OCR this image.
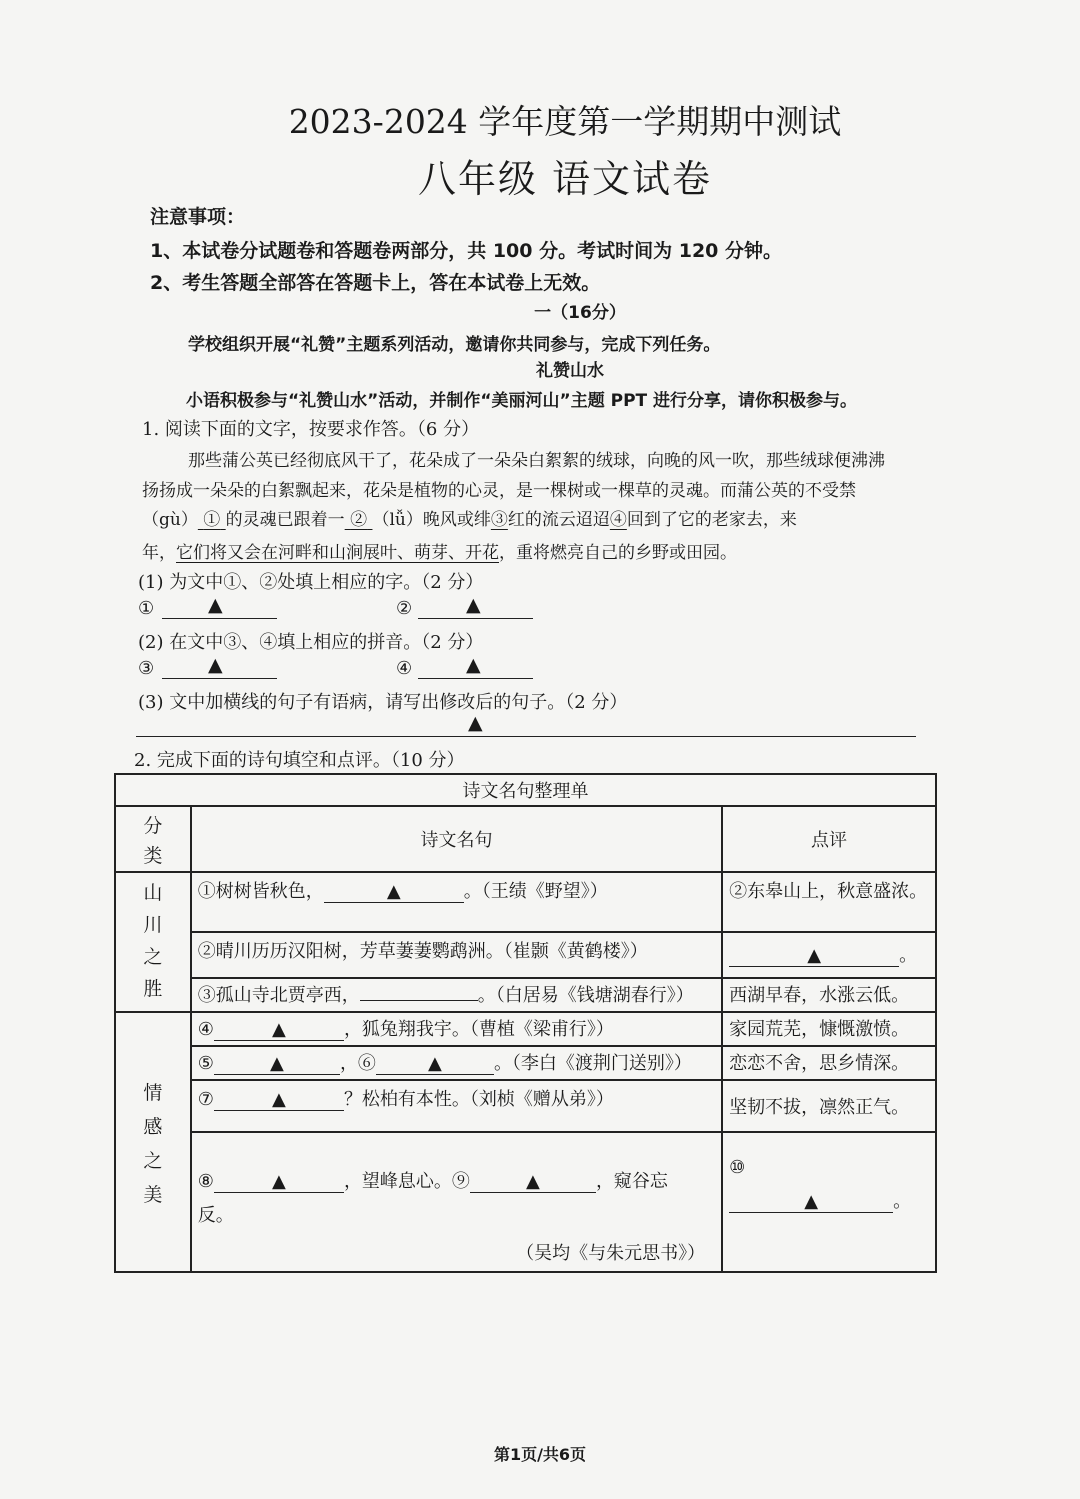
2023-2024 学年度第一学期期中测试
八年级 语文试卷
注意事项：
1、本试卷分试题卷和答题卷两部分，共 100 分。考试时间为 120 分钟。
2、考生答题全部答在答题卡上，答在本试卷上无效。
一（16分）
学校组织开展“礼赞”主题系列活动，邀请你共同参与，完成下列任务。
礼赞山水
小语积极参与“礼赞山水”活动，并制作“美丽河山”主题 PPT 进行分享，请你积极参与。
1. 阅读下面的文字，按要求作答。（6 分）
那些蒲公英已经彻底风干了，花朵成了一朵朵白絮絮的绒球，向晚的风一吹，那些绒球便沸沸
扬扬成一朵朵的白絮飘起来，花朵是植物的心灵，是一棵树或一棵草的灵魂。而蒲公英的不受禁
（gù） ① 的灵魂已跟着一 ② （lǚ）晚风或绯③红的流云迢迢④回到了它的老家去，来
年，它们将又会在河畔和山涧展叶、萌芽、开花，重将燃亮自己的乡野或田园。
(1) 为文中①、②处填上相应的字。（2 分）
①	▲	②	▲
(2) 在文中③、④填上相应的拼音。（2 分）
③	▲	④	▲
(3) 文中加横线的句子有语病，请写出修改后的句子。（2 分）
▲
2. 完成下面的诗句填空和点评。（10 分）
诗文名句整理单		
分
类	诗文名句	点评
山
川
之
胜	①树树皆秋色， ▲ 。（王绩《野望》）	②东皋山上，秋意盛浓。
	②晴川历历汉阳树，芳草萋萋鹦鹉洲。（崔颢《黄鹤楼》）	▲ 。
	③孤山寺北贾亭西， 。（白居易《钱塘湖春行》）	西湖早春，水涨云低。
情
感
之
美	④ ▲ ，狐兔翔我宇。（曹植《梁甫行》）	家园荒芜，慷慨激愤。
	⑤ ▲ ，⑥ ▲ 。（李白《渡荆门送别》）	恋恋不舍，思乡情深。
	⑦ ▲ ？松柏有本性。（刘桢《赠从弟》）	坚韧不拔，凛然正气。
	⑧ ▲ ，望峰息心。⑨ ▲ ，窥谷忘
反。
（吴均《与朱元思书》）	⑩
▲ 。
第1页/共6页
